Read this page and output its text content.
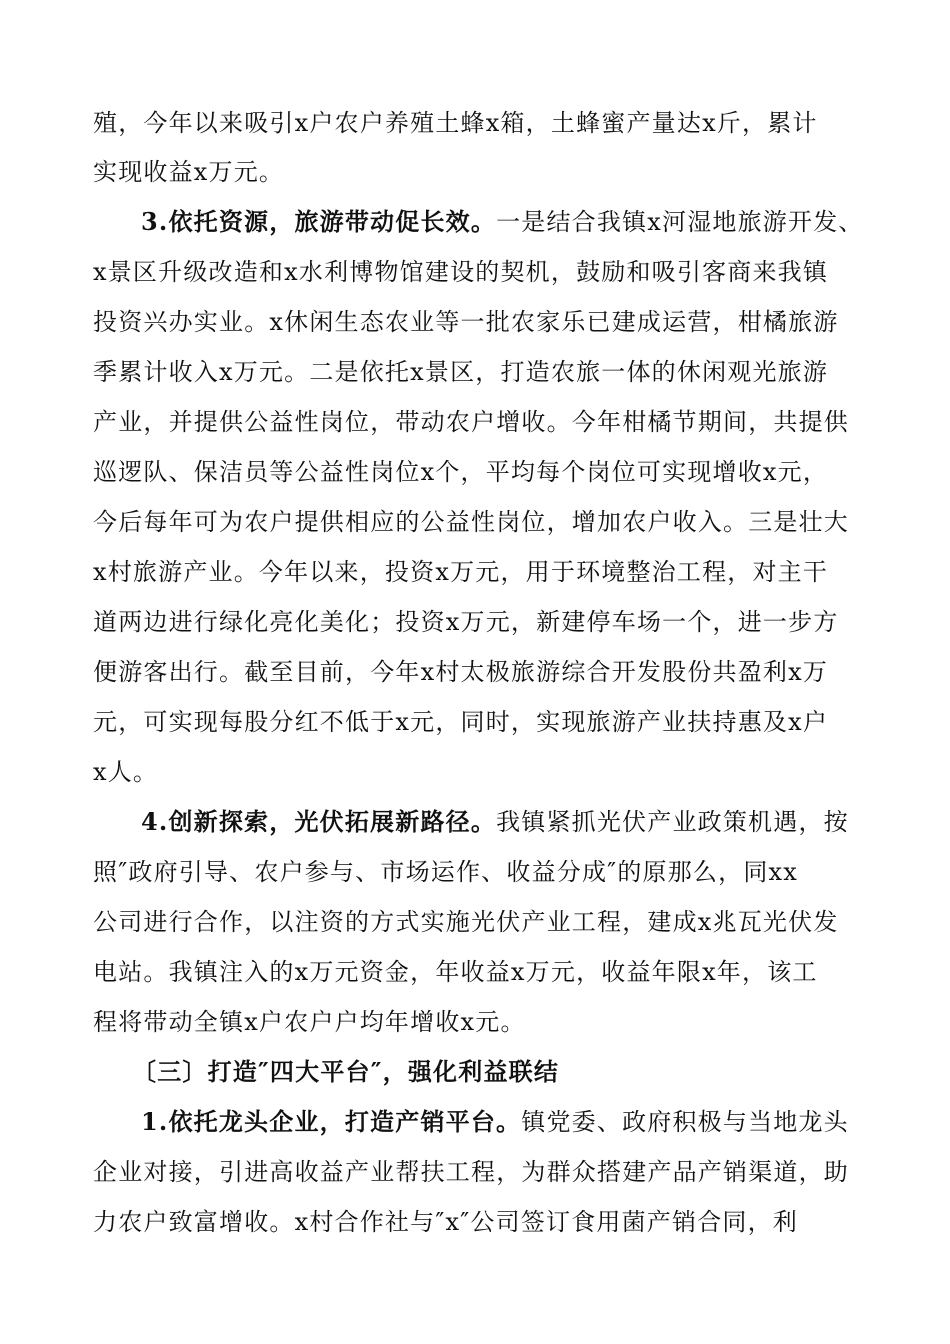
殖，今年以来吸引x户农户养殖土蜂x箱，土蜂蜜产量达x斤，累计
实现收益x万元。
3.依托资源，旅游带动促长效。一是结合我镇x河湿地旅游开发、
x景区升级改造和x水利博物馆建设的契机，鼓励和吸引客商来我镇
投资兴办实业。x休闲生态农业等一批农家乐已建成运营，柑橘旅游
季累计收入x万元。二是依托x景区，打造农旅一体的休闲观光旅游
产业，并提供公益性岗位，带动农户增收。今年柑橘节期间，共提供
巡逻队、保洁员等公益性岗位x个，平均每个岗位可实现增收x元，
今后每年可为农户提供相应的公益性岗位，增加农户收入。三是壮大
x村旅游产业。今年以来，投资x万元，用于环境整治工程，对主干
道两边进行绿化亮化美化；投资x万元，新建停车场一个，进一步方
便游客出行。截至目前，今年x村太极旅游综合开发股份共盈利x万
元，可实现每股分红不低于x元，同时，实现旅游产业扶持惠及x户
x人。
4.创新探索，光伏拓展新路径。我镇紧抓光伏产业政策机遇，按
照″政府引导、农户参与、市场运作、收益分成″的原那么，同xx
公司进行合作，以注资的方式实施光伏产业工程，建成x兆瓦光伏发
电站。我镇注入的x万元资金，年收益x万元，收益年限x年，该工
程将带动全镇x户农户户均年增收x元。
〔三〕打造″四大平台″，强化利益联结
1.依托龙头企业，打造产销平台。镇党委、政府积极与当地龙头
企业对接，引进高收益产业帮扶工程，为群众搭建产品产销渠道，助
力农户致富增收。x村合作社与″x″公司签订食用菌产销合同，利
